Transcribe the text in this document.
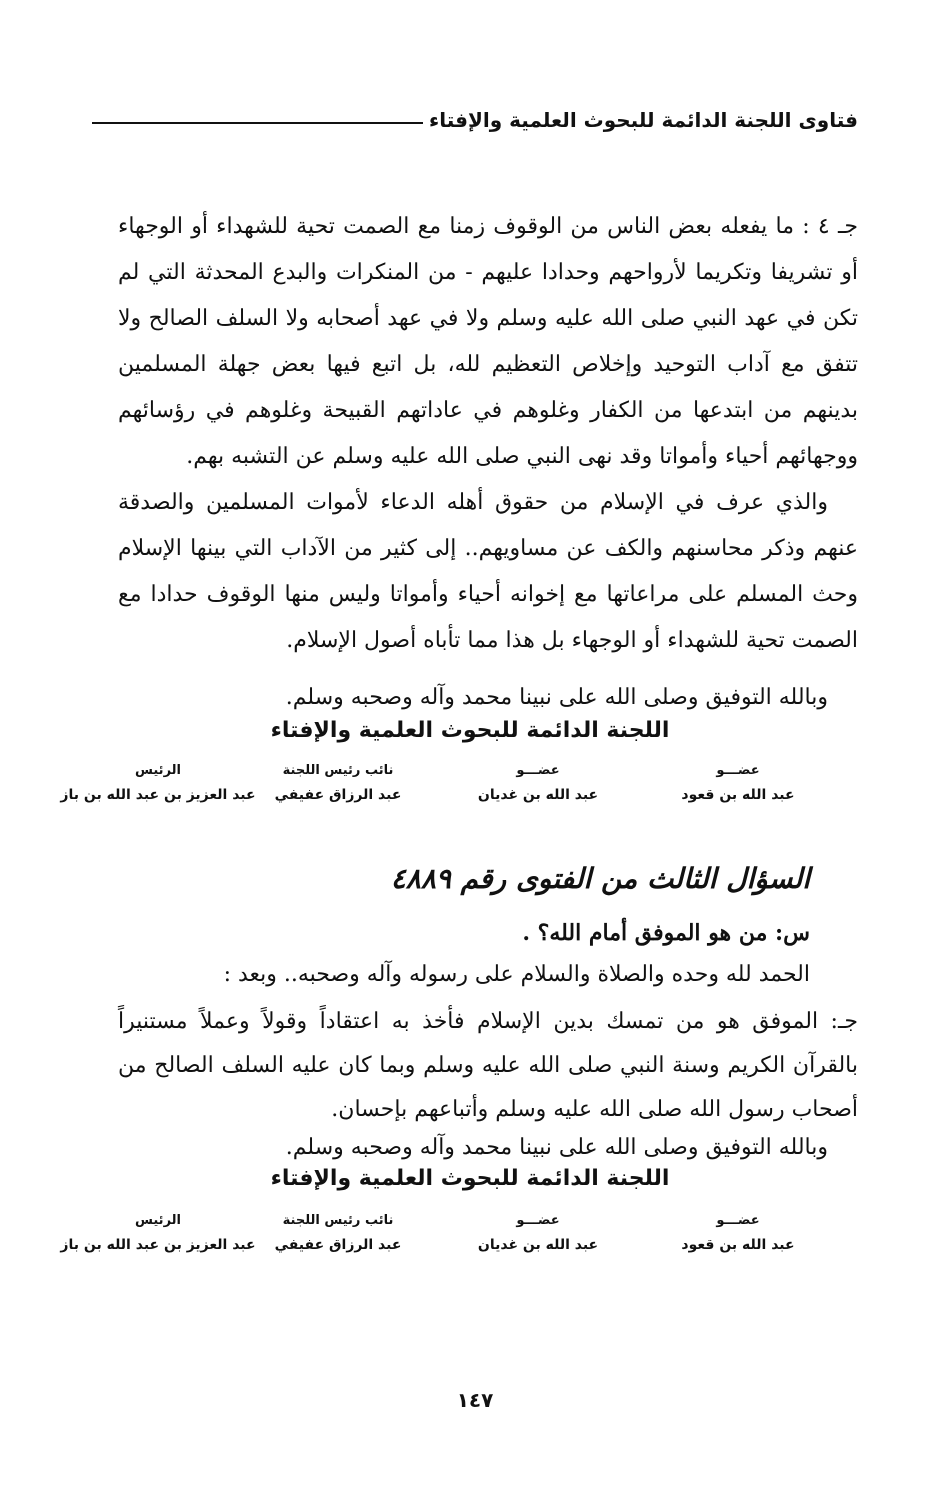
فتاوى اللجنة الدائمة للبحوث العلمية والإفتاء

جـ ٤ : ما يفعله بعض الناس من الوقوف زمنا مع الصمت تحية للشهداء أو الوجهاء أو تشريفا وتكريما لأرواحهم وحدادا عليهم - من المنكرات والبدع المحدثة التي لم تكن في عهد النبي صلى الله عليه وسلم ولا في عهد أصحابه ولا السلف الصالح ولا تتفق مع آداب التوحيد وإخلاص التعظيم لله، بل اتبع فيها بعض جهلة المسلمين بدينهم من ابتدعها من الكفار وغلوهم في عاداتهم القبيحة وغلوهم في رؤسائهم ووجهائهم أحياء وأمواتا وقد نهى النبي صلى الله عليه وسلم عن التشبه بهم.

والذي عرف في الإسلام من حقوق أهله الدعاء لأموات المسلمين والصدقة عنهم وذكر محاسنهم والكف عن مساويهم.. إلى كثير من الآداب التي بينها الإسلام وحث المسلم على مراعاتها مع إخوانه أحياء وأمواتا وليس منها الوقوف حدادا مع الصمت تحية للشهداء أو الوجهاء بل هذا مما تأباه أصول الإسلام.

وبالله التوفيق وصلى الله على نبينا محمد وآله وصحبه وسلم.
اللجنة الدائمة للبحوث العلمية والإفتاء
عضـــو
عبد الله بن قعود
عضـــو
عبد الله بن غديان
نائب رئيس اللجنة
عبد الرزاق عفيفي
الرئيس
عبد العزيز بن عبد الله بن باز
السؤال الثالث من الفتوى رقم ٤٨٨٩
س: من هو الموفق أمام الله؟ .
الحمد لله وحده والصلاة والسلام على رسوله وآله وصحبه.. وبعد :
جـ: الموفق هو من تمسك بدين الإسلام فأخذ به اعتقاداً وقولاً وعملاً مستنيراً بالقرآن الكريم وسنة النبي صلى الله عليه وسلم وبما كان عليه السلف الصالح من أصحاب رسول الله صلى الله عليه وسلم وأتباعهم بإحسان.
وبالله التوفيق وصلى الله على نبينا محمد وآله وصحبه وسلم.
اللجنة الدائمة للبحوث العلمية والإفتاء
عضـــو
عبد الله بن قعود
عضـــو
عبد الله بن غديان
نائب رئيس اللجنة
عبد الرزاق عفيفي
الرئيس
عبد العزيز بن عبد الله بن باز
١٤٧
